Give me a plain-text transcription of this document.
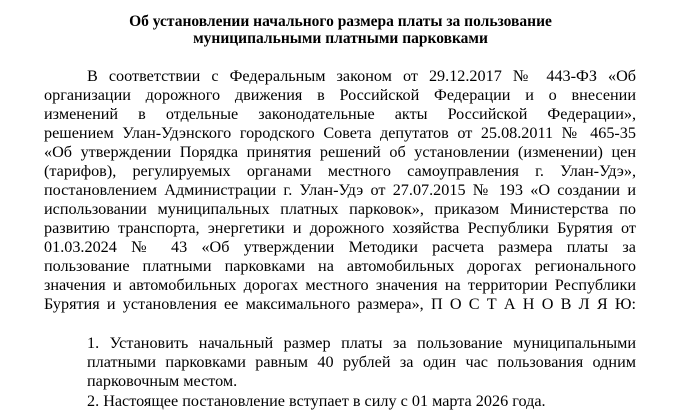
Об установлении начального размера платы за пользование
муниципальными платными парковками
В соответствии с Федеральным законом от 29.12.2017 № 443-ФЗ «Об
организации дорожного движения в Российской Федерации и о внесении
изменений в отдельные законодательные акты Российской Федерации»,
решением Улан-Удэнского городского Совета депутатов от 25.08.2011 № 465-35
«Об утверждении Порядка принятия решений об установлении (изменении) цен
(тарифов), регулируемых органами местного самоуправления г. Улан-Удэ»,
постановлением Администрации г. Улан-Удэ от 27.07.2015 № 193 «О создании и
использовании муниципальных платных парковок», приказом Министерства по
развитию транспорта, энергетики и дорожного хозяйства Республики Бурятия от
01.03.2024 № 43 «Об утверждении Методики расчета размера платы за
пользование платными парковками на автомобильных дорогах регионального
значения и автомобильных дорогах местного значения на территории Республики
Бурятия и установления ее максимального размера», П О С Т А Н О В Л Я Ю:
1. Установить начальный размер платы за пользование муниципальными
платными парковками равным 40 рублей за один час пользования одним
парковочным местом.
2. Настоящее постановление вступает в силу с 01 марта 2026 года.
